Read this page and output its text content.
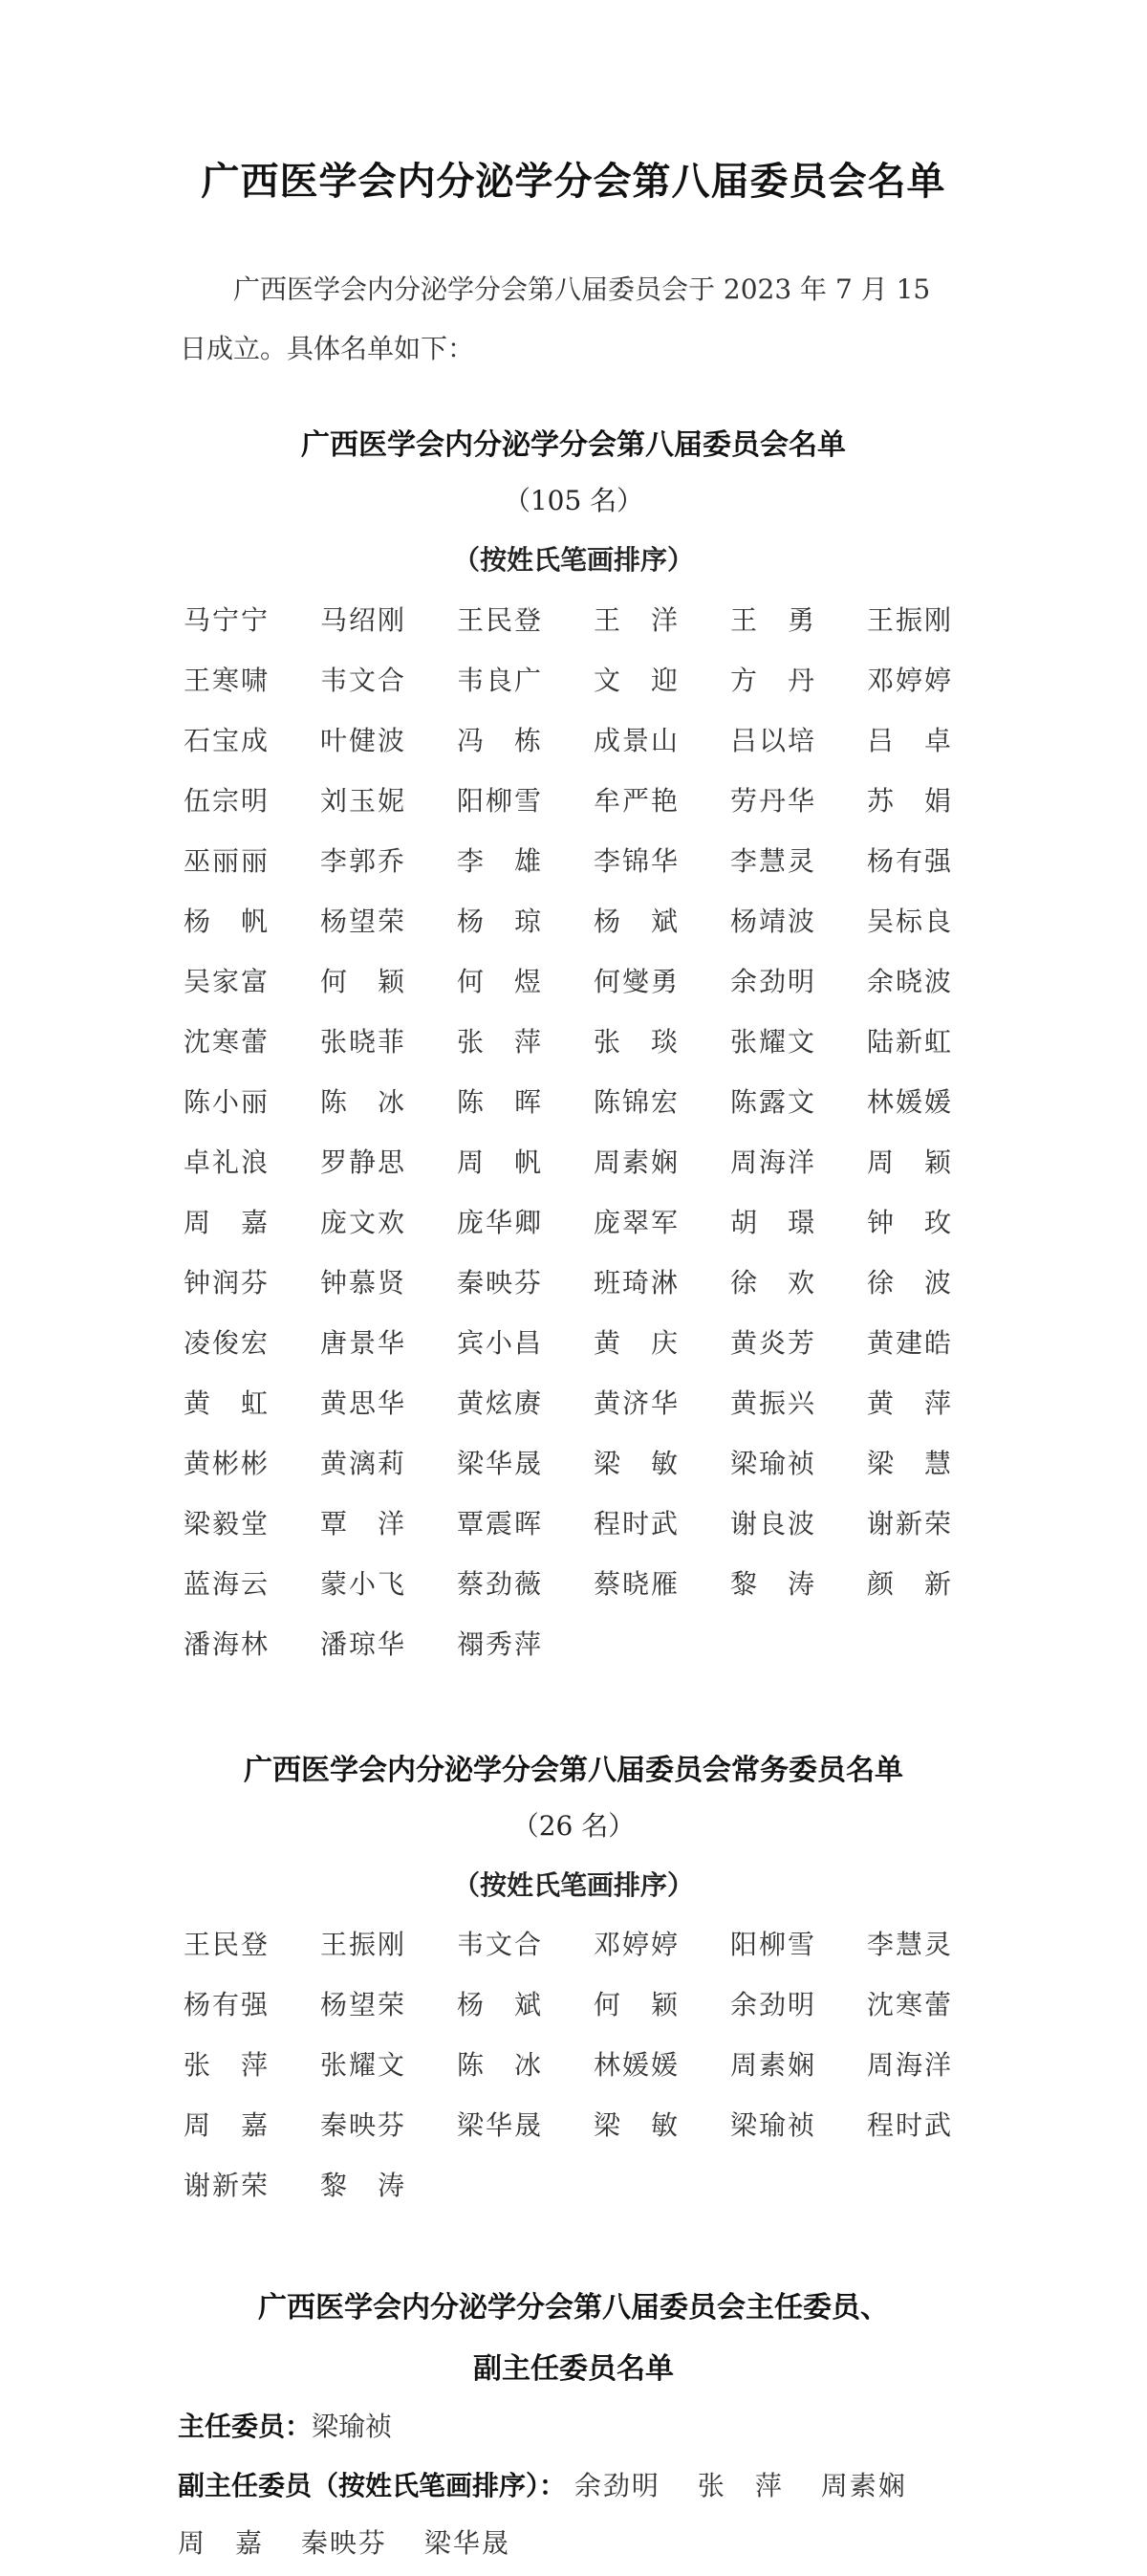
广西医学会内分泌学分会第八届委员会名单
广西医学会内分泌学分会第八届委员会于 2023 年 7 月 15
日成立。具体名单如下：
广西医学会内分泌学分会第八届委员会名单
（105 名）
（按姓氏笔画排序）
马宁宁	马绍刚	王民登	王　洋	王　勇	王振刚
王寒啸	韦文合	韦良广	文　迎	方　丹	邓婷婷
石宝成	叶健波	冯　栋	成景山	吕以培	吕　卓
伍宗明	刘玉妮	阳柳雪	牟严艳	劳丹华	苏　娟
巫丽丽	李郭乔	李　雄	李锦华	李慧灵	杨有强
杨　帆	杨望荣	杨　琼	杨　斌	杨靖波	吴标良
吴家富	何　颖	何　煜	何燮勇	余劲明	余晓波
沈寒蕾	张晓菲	张　萍	张　琰	张耀文	陆新虹
陈小丽	陈　冰	陈　晖	陈锦宏	陈露文	林媛媛
卓礼浪	罗静思	周　帆	周素娴	周海洋	周　颖
周　嘉	庞文欢	庞华卿	庞翠军	胡　璟	钟　玫
钟润芬	钟慕贤	秦映芬	班琦淋	徐　欢	徐　波
凌俊宏	唐景华	宾小昌	黄　庆	黄炎芳	黄建皓
黄　虹	黄思华	黄炫赓	黄济华	黄振兴	黄　萍
黄彬彬	黄漓莉	梁华晟	梁　敏	梁瑜祯	梁　慧
梁毅堂	覃　洋	覃震晖	程时武	谢良波	谢新荣
蓝海云	蒙小飞	蔡劲薇	蔡晓雁	黎　涛	颜　新
潘海林	潘琼华	禤秀萍
广西医学会内分泌学分会第八届委员会常务委员名单
（26 名）
（按姓氏笔画排序）
王民登	王振刚	韦文合	邓婷婷	阳柳雪	李慧灵
杨有强	杨望荣	杨　斌	何　颖	余劲明	沈寒蕾
张　萍	张耀文	陈　冰	林媛媛	周素娴	周海洋
周　嘉	秦映芬	梁华晟	梁　敏	梁瑜祯	程时武
谢新荣	黎　涛
广西医学会内分泌学分会第八届委员会主任委员、
副主任委员名单
主任委员：梁瑜祯
副主任委员（按姓氏笔画排序）： 余劲明 张　萍 周素娴
周　嘉 秦映芬 梁华晟
